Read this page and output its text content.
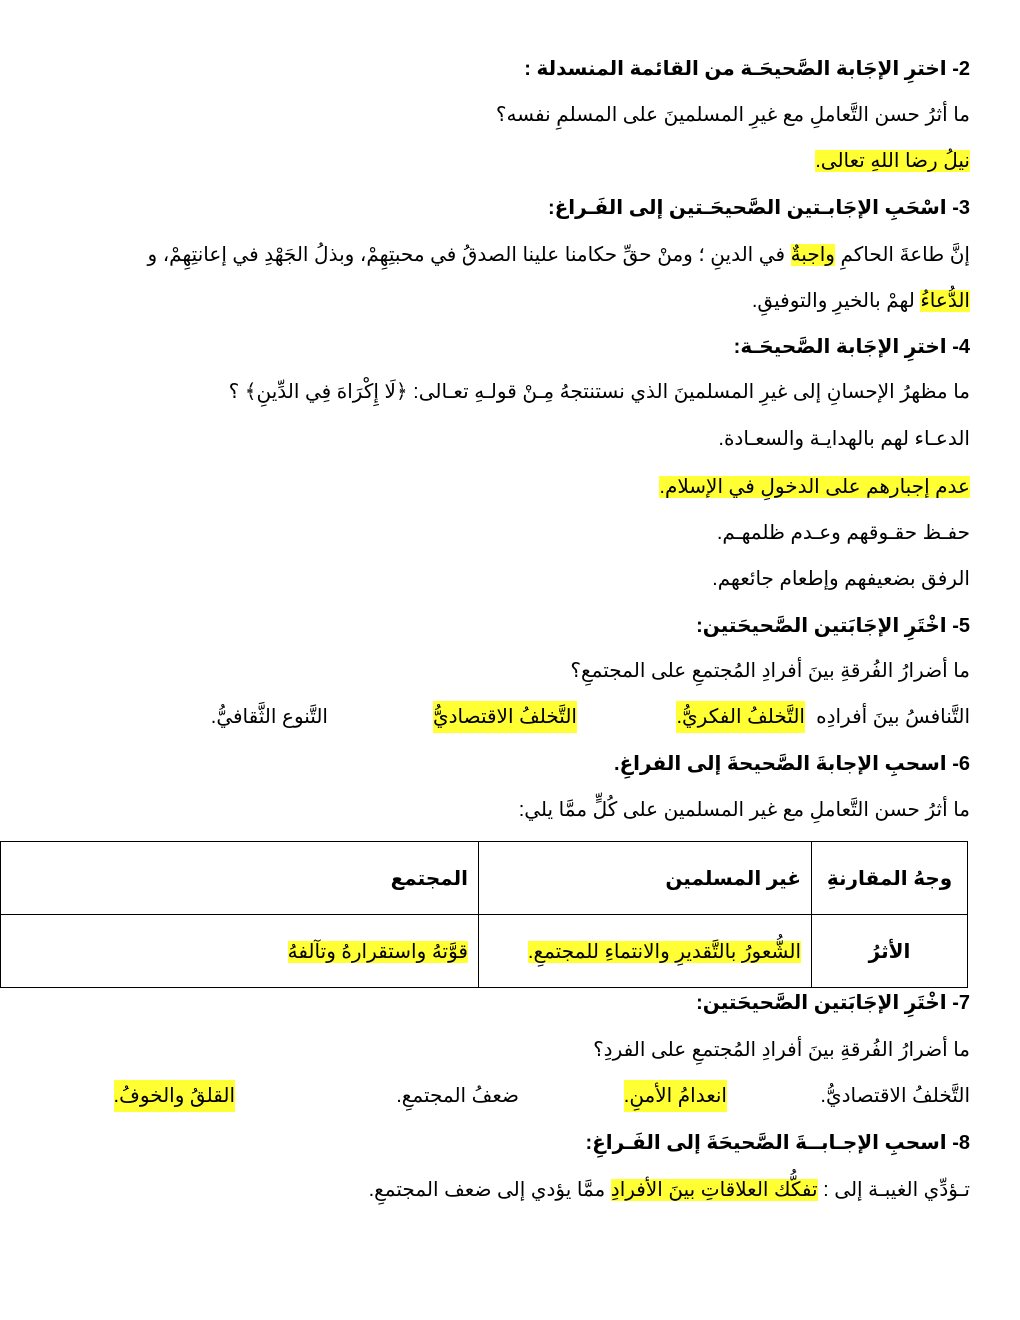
2- اخترِ الإجَابة الصَّحيحَـة من القائمة المنسدلة :
ما أثرُ حسن التَّعاملِ مع غيرِ المسلمينَ على المسلمِ نفسه؟
نيلُ رضا اللهِ تعالى.
3- اسْحَبِ الإجَابـتين الصَّحيحَـتين إلى الفَـراغ:
إنَّ طاعةَ الحاكمِ واجبةٌ في الدينِ ؛ ومنْ حقِّ حكامنا علينا الصدقُ في محبتِهِمْ، وبذلُ الجَهْدِ في إعانتِهِمْ، و
الدُّعاءُ لهمْ بالخيرِ والتوفيقِ.
4- اخترِ الإجَابة الصَّحيحَـة:
ما مظهرُ الإحسانِ إلى غيرِ المسلمينَ الذي نستنتجهُ مِـنْ قولـهِ تعـالى: ﴿لَا إِكْرَاهَ فِي الدِّينِ﴾ ؟
الدعـاء لهم بالهدايـة والسعـادة.
عدم إجبارهم على الدخولِ في الإسلام.
حفـظ حقـوقهم وعـدم ظلمهـم.
الرفق بضعيفهم وإطعام جائعهم.
5- اخْتَرِ الإجَابَتين الصَّحيحَتين:
ما أضرارُ الفُرقةِ بينَ أفرادِ المُجتمعِ على المجتمعِ؟
التَّنافسُ بينَ أفرادِه
التَّخلفُ الفكريُّ.
التَّخلفُ الاقتصاديُّ
التَّنوع الثَّقافيُّ.
6- اسحبِ الإجابةَ الصَّحيحةَ إلى الفراغِ.
ما أثرُ حسن التَّعاملِ مع غير المسلمين على كُلٍّ ممَّا يلي:
وجهُ المقارنةِ	غير المسلمين	المجتمع
الأثرُ	الشُّعورُ بالتَّقديرِ والانتماءِ للمجتمعِ.	قوَّتهُ واستقرارهُ وتآلفهُ
7- اخْتَرِ الإجَابَتين الصَّحيحَتين:
ما أضرارُ الفُرقةِ بينَ أفرادِ المُجتمعِ على الفردِ؟
التَّخلفُ الاقتصاديُّ.
انعدامُ الأمنِ.
ضعفُ المجتمعِ.
القلقُ والخوفُ.
8- اسحبِ الإجـابــةَ الصَّحيحَةَ إلى الفَـراغِ:
تـؤدِّي الغيبـة إلى : تفكُّك العلاقاتِ بينَ الأفرادِ ممَّا يؤدي إلى ضعف المجتمعِ.
